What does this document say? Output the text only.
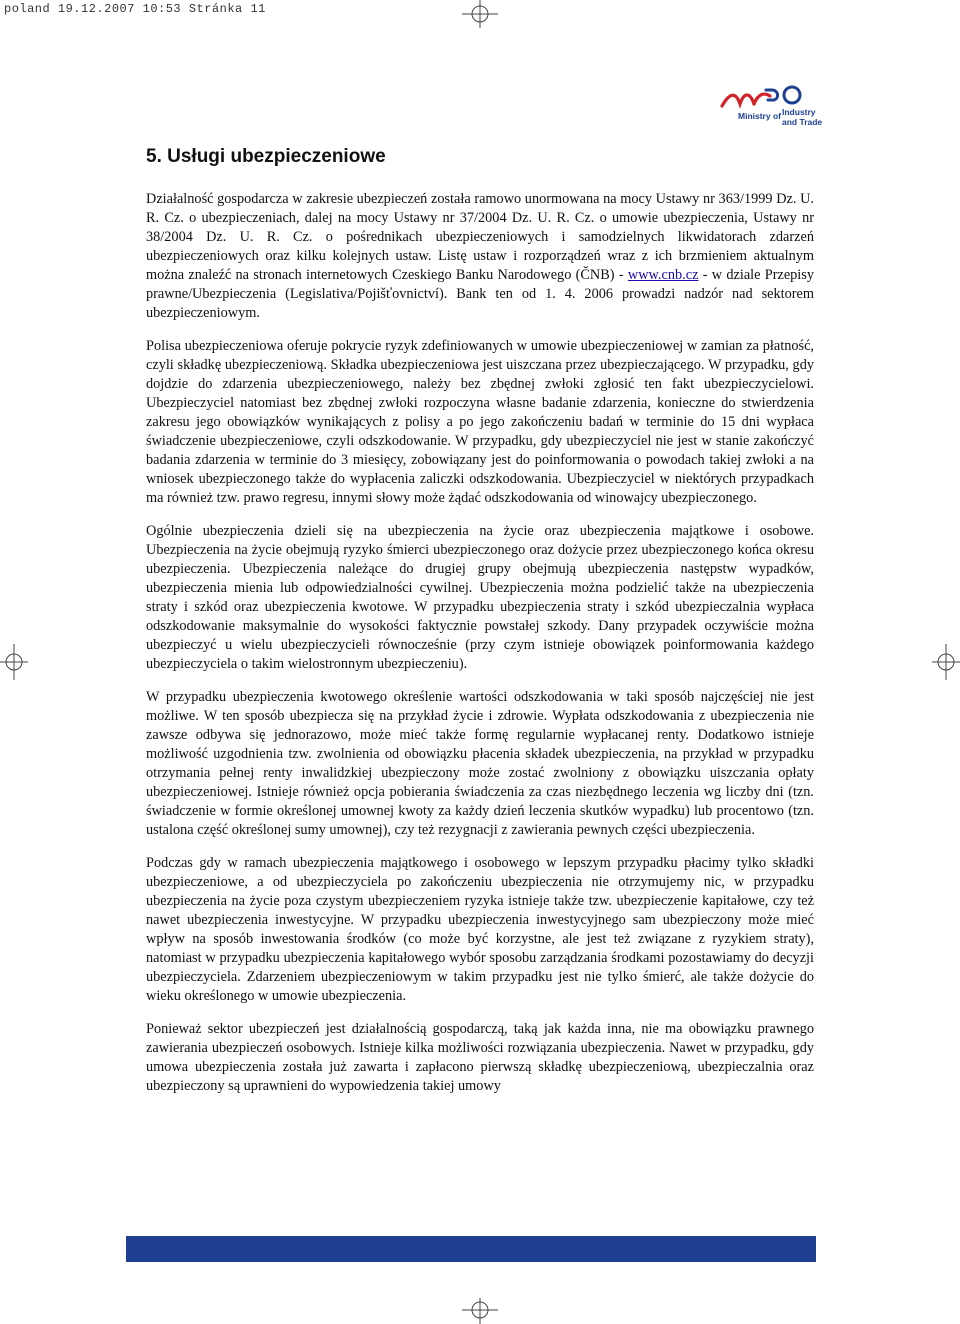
poland 19.12.2007 10:53 Stránka 11
Ministry of Industry
and Trade
5. Usługi ubezpieczeniowe

Działalność gospodarcza w zakresie ubezpieczeń została ramowo unormowana na mocy Ustawy nr 363/1999 Dz. U. R. Cz. o ubezpieczeniach, dalej na mocy Ustawy nr 37/2004 Dz. U. R. Cz. o umowie ubezpieczenia, Ustawy nr 38/2004 Dz. U. R. Cz. o pośrednikach ubezpieczeniowych i samodzielnych likwidatorach zdarzeń ubezpieczeniowych oraz kilku kolejnych ustaw. Listę ustaw i rozporządzeń wraz z ich brzmieniem aktualnym można znaleźć na stronach internetowych Czeskiego Banku Narodowego (ČNB) - www.cnb.cz - w dziale Przepisy prawne/Ubezpieczenia (Legislativa/Pojišťovnictví). Bank ten od 1. 4. 2006 prowadzi nadzór nad sektorem ubezpieczeniowym.

Polisa ubezpieczeniowa oferuje pokrycie ryzyk zdefiniowanych w umowie ubezpieczeniowej w zamian za płatność, czyli składkę ubezpieczeniową. Składka ubezpieczeniowa jest uiszczana przez ubezpieczającego. W przypadku, gdy dojdzie do zdarzenia ubezpieczeniowego, należy bez zbędnej zwłoki zgłosić ten fakt ubezpieczycielowi. Ubezpieczyciel natomiast bez zbędnej zwłoki rozpoczyna własne badanie zdarzenia, konieczne do stwierdzenia zakresu jego obowiązków wynikających z polisy a po jego zakończeniu badań w terminie do 15 dni wypłaca świadczenie ubezpieczeniowe, czyli odszkodowanie. W przypadku, gdy ubezpieczyciel nie jest w stanie zakończyć badania zdarzenia w terminie do 3 miesięcy, zobowiązany jest do poinformowania o powodach takiej zwłoki a na wniosek ubezpieczonego także do wypłacenia zaliczki odszkodowania. Ubezpieczyciel w niektórych przypadkach ma również tzw. prawo regresu, innymi słowy może żądać odszkodowania od winowajcy ubezpieczonego.

Ogólnie ubezpieczenia dzieli się na ubezpieczenia na życie oraz ubezpieczenia majątkowe i osobowe. Ubezpieczenia na życie obejmują ryzyko śmierci ubezpieczonego oraz dożycie przez ubezpieczonego końca okresu ubezpieczenia. Ubezpieczenia należące do drugiej grupy obejmują ubezpieczenia następstw wypadków, ubezpieczenia mienia lub odpowiedzialności cywilnej. Ubezpieczenia można podzielić także na ubezpieczenia straty i szkód oraz ubezpieczenia kwotowe. W przypadku ubezpieczenia straty i szkód ubezpieczalnia wypłaca odszkodowanie maksymalnie do wysokości faktycznie powstałej szkody. Dany przypadek oczywiście można ubezpieczyć u wielu ubezpieczycieli równocześnie (przy czym istnieje obowiązek poinformowania każdego ubezpieczyciela o takim wielostronnym ubezpieczeniu).

W przypadku ubezpieczenia kwotowego określenie wartości odszkodowania w taki sposób najczęściej nie jest możliwe. W ten sposób ubezpiecza się na przykład życie i zdrowie. Wypłata odszkodowania z ubezpieczenia nie zawsze odbywa się jednorazowo, może mieć także formę regularnie wypłacanej renty. Dodatkowo istnieje możliwość uzgodnienia tzw. zwolnienia od obowiązku płacenia składek ubezpieczenia, na przykład w przypadku otrzymania pełnej renty inwalidzkiej ubezpieczony może zostać zwolniony z obowiązku uiszczania opłaty ubezpieczeniowej. Istnieje również opcja pobierania świadczenia za czas niezbędnego leczenia wg liczby dni (tzn. świadczenie w formie określonej umownej kwoty za każdy dzień leczenia skutków wypadku) lub procentowo (tzn. ustalona część określonej sumy umownej), czy też rezygnacji z zawierania pewnych części ubezpieczenia.

Podczas gdy w ramach ubezpieczenia majątkowego i osobowego w lepszym przypadku płacimy tylko składki ubezpieczeniowe, a od ubezpieczyciela po zakończeniu ubezpieczenia nie otrzymujemy nic, w przypadku ubezpieczenia na życie poza czystym ubezpieczeniem ryzyka istnieje także tzw. ubezpieczenie kapitałowe, czy też nawet ubezpieczenia inwestycyjne. W przypadku ubezpieczenia inwestycyjnego sam ubezpieczony może mieć wpływ na sposób inwestowania środków (co może być korzystne, ale jest też związane z ryzykiem straty), natomiast w przypadku ubezpieczenia kapitałowego wybór sposobu zarządzania środkami pozostawiamy do decyzji ubezpieczyciela. Zdarzeniem ubezpieczeniowym w takim przypadku jest nie tylko śmierć, ale także dożycie do wieku określonego w umowie ubezpieczenia.

Ponieważ sektor ubezpieczeń jest działalnością gospodarczą, taką jak każda inna, nie ma obowiązku prawnego zawierania ubezpieczeń osobowych. Istnieje kilka możliwości rozwiązania ubezpieczenia. Nawet w przypadku, gdy umowa ubezpieczenia została już zawarta i zapłacono pierwszą składkę ubezpieczeniową, ubezpieczalnia oraz ubezpieczony są uprawnieni do wypowiedzenia takiej umowy
